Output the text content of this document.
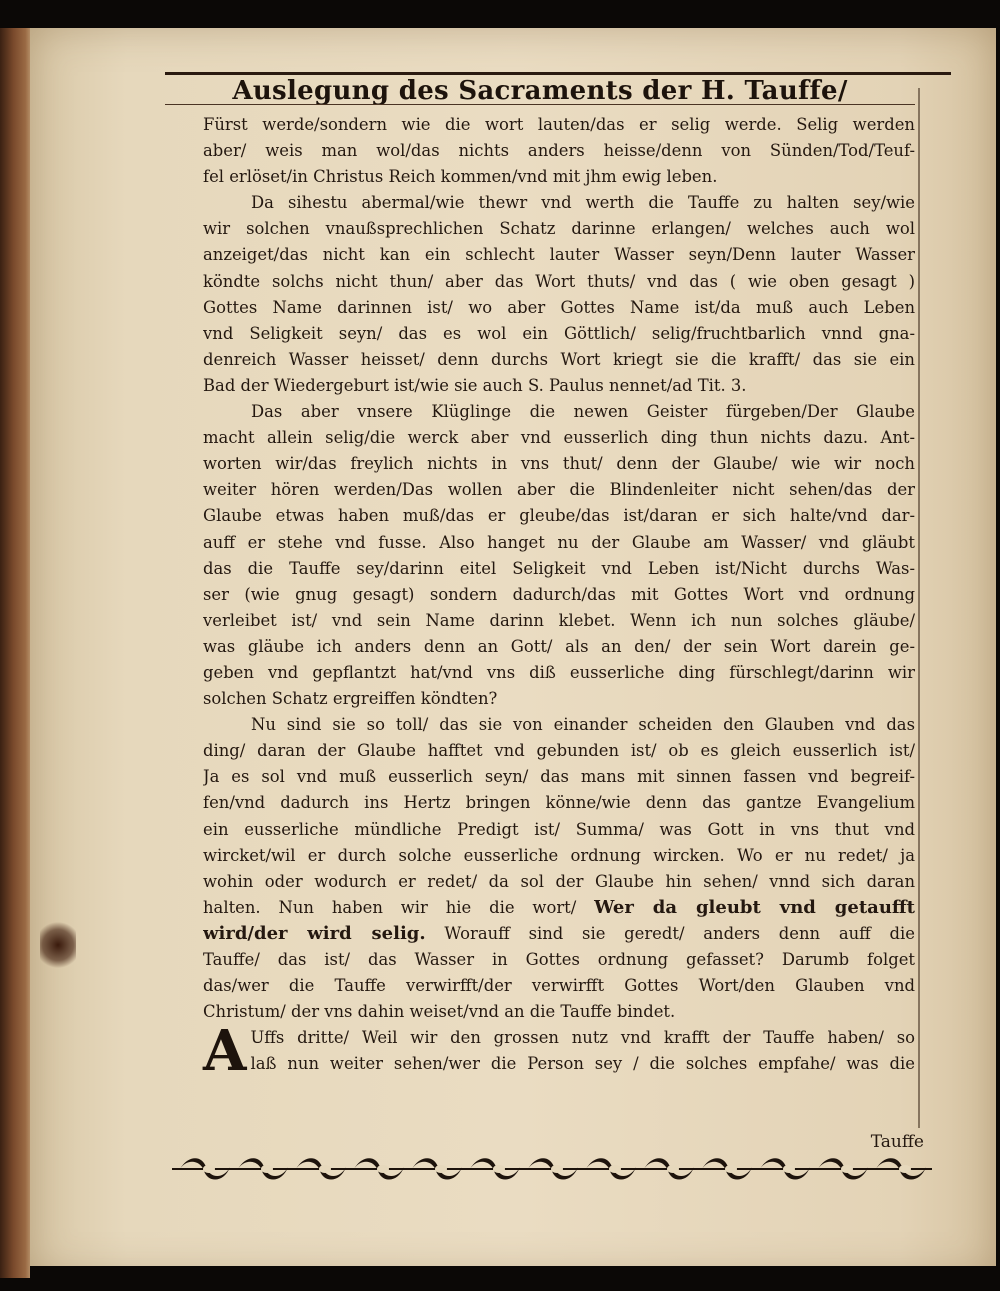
Auslegung des Sacraments der H. Tauffe/
Fürst werde/sondern wie die wort lauten/das er selig werde. Selig werden
aber/ weis man wol/das nichts anders heisse/denn von Sünden/Tod/Teuf-
fel erlöset/in Christus Reich kommen/vnd mit jhm ewig leben.
Da sihestu abermal/wie thewr vnd werth die Tauffe zu halten sey/wie
wir solchen vnaußsprechlichen Schatz darinne erlangen/ welches auch wol
anzeiget/das nicht kan ein schlecht lauter Wasser seyn/Denn lauter Wasser
köndte solchs nicht thun/ aber das Wort thuts/ vnd das ( wie oben gesagt )
Gottes Name darinnen ist/ wo aber Gottes Name ist/da muß auch Leben
vnd Seligkeit seyn/ das es wol ein Göttlich/ selig/fruchtbarlich vnnd gna-
denreich Wasser heisset/ denn durchs Wort kriegt sie die krafft/ das sie ein
Bad der Wiedergeburt ist/wie sie auch S. Paulus nennet/ad Tit. 3.
Das aber vnsere Klüglinge die newen Geister fürgeben/Der Glaube
macht allein selig/die werck aber vnd eusserlich ding thun nichts dazu. Ant-
worten wir/das freylich nichts in vns thut/ denn der Glaube/ wie wir noch
weiter hören werden/Das wollen aber die Blindenleiter nicht sehen/das der
Glaube etwas haben muß/das er gleube/das ist/daran er sich halte/vnd dar-
auff er stehe vnd fusse. Also hanget nu der Glaube am Wasser/ vnd gläubt
das die Tauffe sey/darinn eitel Seligkeit vnd Leben ist/Nicht durchs Was-
ser (wie gnug gesagt) sondern dadurch/das mit Gottes Wort vnd ordnung
verleibet ist/ vnd sein Name darinn klebet. Wenn ich nun solches gläube/
was gläube ich anders denn an Gott/ als an den/ der sein Wort darein ge-
geben vnd gepflantzt hat/vnd vns diß eusserliche ding fürschlegt/darinn wir
solchen Schatz ergreiffen köndten?
Nu sind sie so toll/ das sie von einander scheiden den Glauben vnd das
ding/ daran der Glaube hafftet vnd gebunden ist/ ob es gleich eusserlich ist/
Ja es sol vnd muß eusserlich seyn/ das mans mit sinnen fassen vnd begreif-
fen/vnd dadurch ins Hertz bringen könne/wie denn das gantze Evangelium
ein eusserliche mündliche Predigt ist/ Summa/ was Gott in vns thut vnd
wircket/wil er durch solche eusserliche ordnung wircken. Wo er nu redet/ ja
wohin oder wodurch er redet/ da sol der Glaube hin sehen/ vnnd sich daran
halten. Nun haben wir hie die wort/ Wer da gleubt vnd getaufft
wird/der wird selig. Worauff sind sie geredt/ anders denn auff die
Tauffe/ das ist/ das Wasser in Gottes ordnung gefasset? Darumb folget
das/wer die Tauffe verwirfft/der verwirfft Gottes Wort/den Glauben vnd
Christum/ der vns dahin weiset/vnd an die Tauffe bindet.
A Uffs dritte/ Weil wir den grossen nutz vnd krafft der Tauffe haben/ so
laß nun weiter sehen/wer die Person sey / die solches empfahe/ was die
Tauffe
